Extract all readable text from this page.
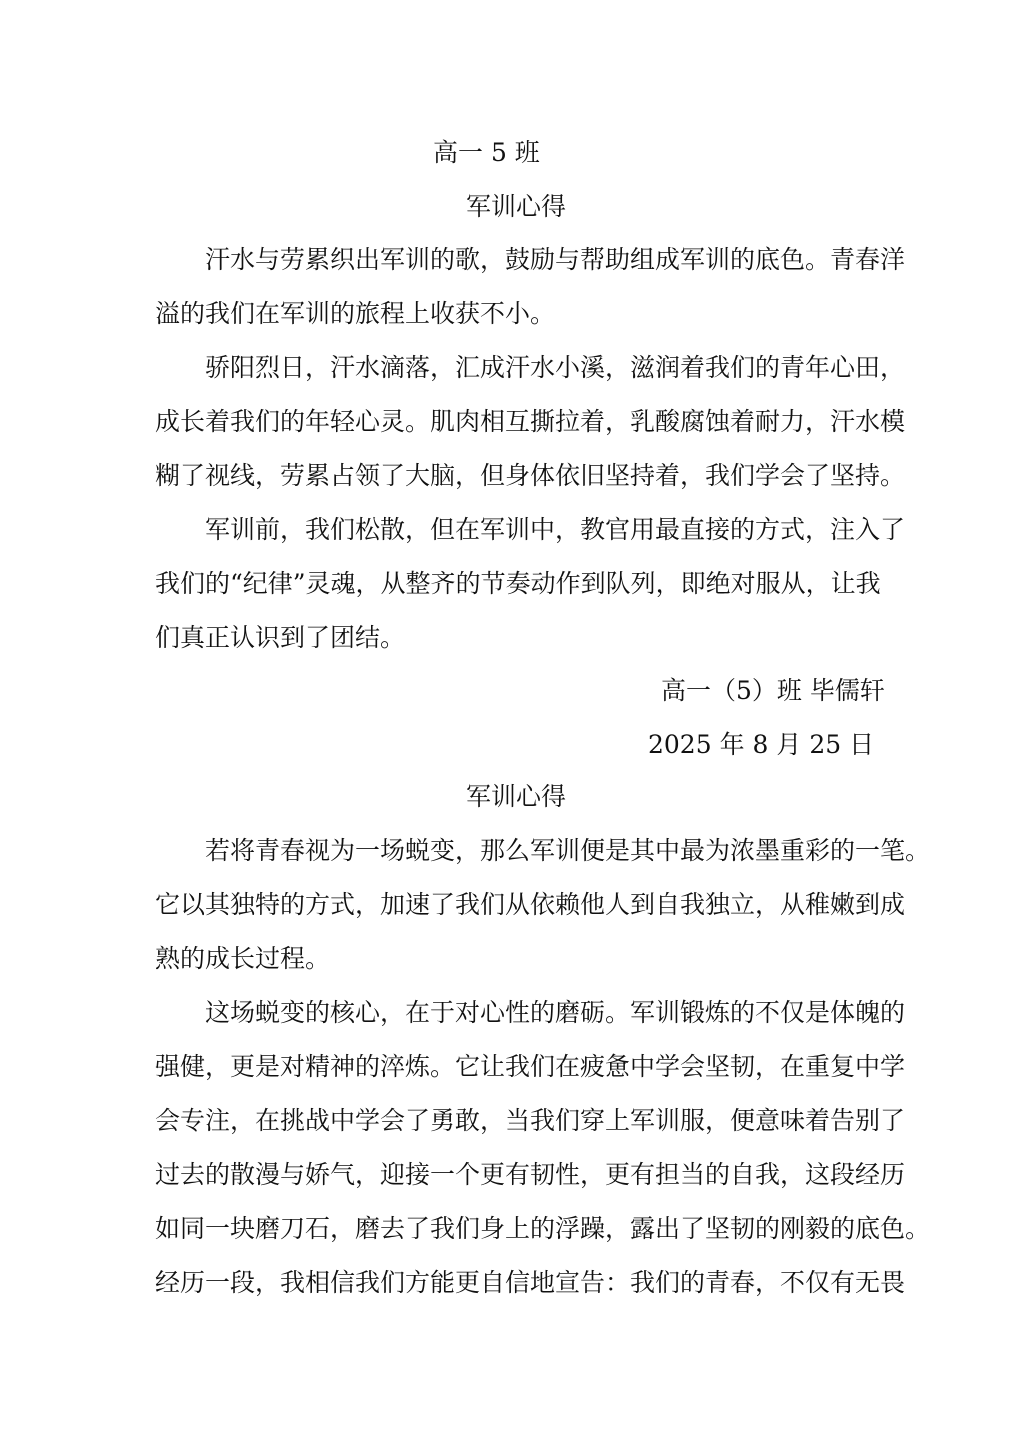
高一 5 班
军训心得
汗水与劳累织出军训的歌，鼓励与帮助组成军训的底色。青春洋
溢的我们在军训的旅程上收获不小。
骄阳烈日，汗水滴落，汇成汗水小溪，滋润着我们的青年心田，
成长着我们的年轻心灵。肌肉相互撕拉着，乳酸腐蚀着耐力，汗水模
糊了视线，劳累占领了大脑，但身体依旧坚持着，我们学会了坚持。
军训前，我们松散，但在军训中，教官用最直接的方式，注入了
我们的“纪律”灵魂，从整齐的节奏动作到队列，即绝对服从，让我
们真正认识到了团结。
高一（5）班 毕儒轩
2025 年 8 月 25 日
军训心得
若将青春视为一场蜕变，那么军训便是其中最为浓墨重彩的一笔。
它以其独特的方式，加速了我们从依赖他人到自我独立，从稚嫩到成
熟的成长过程。
这场蜕变的核心，在于对心性的磨砺。军训锻炼的不仅是体魄的
强健，更是对精神的淬炼。它让我们在疲惫中学会坚韧，在重复中学
会专注，在挑战中学会了勇敢，当我们穿上军训服，便意味着告别了
过去的散漫与娇气，迎接一个更有韧性，更有担当的自我，这段经历
如同一块磨刀石，磨去了我们身上的浮躁，露出了坚韧的刚毅的底色。
经历一段，我相信我们方能更自信地宣告：我们的青春，不仅有无畏
